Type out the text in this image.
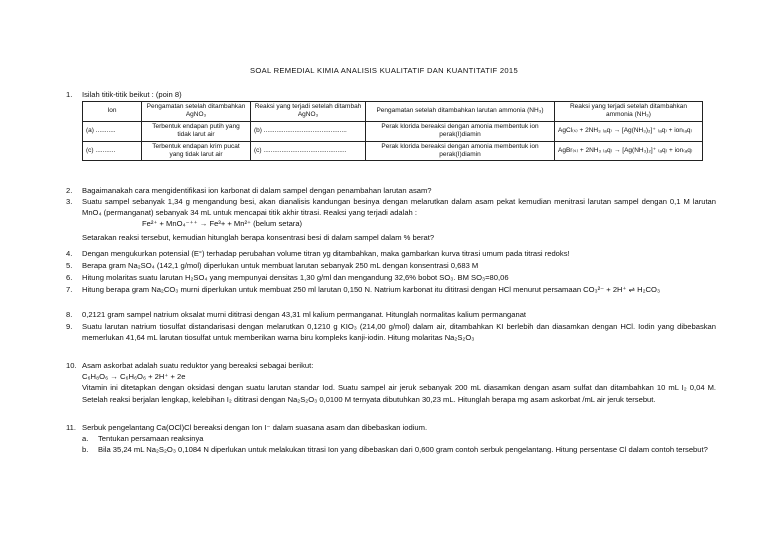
SOAL REMEDIAL KIMIA ANALISIS KUALITATIF DAN KUANTITATIF 2015
1.	Isilah titik-titik beikut : (poin 8)
Ion	Pengamatan setelah ditambahkan AgNO₃	Reaksi yang terjadi setelah ditambah AgNO₃	Pengamatan setelah ditambahkan larutan ammonia (NH₃)	Reaksi yang terjadi setelah ditambahkan ammonia (NH₃)
(a) ...........	Terbentuk endapan putih yang tidak larut air	(b) ..............................................	Perak klorida bereaksi dengan amonia membentuk ion perak(I)diamin	AgCl₍ₛ₎ + 2NH₃ ₍ₐq₎ → [Ag(NH₃)₂]⁺ ₍ₐq₎ + ion₍ₐq₎
(c) ...........	Terbentuk endapan krim pucat yang tidak larut air	(c) ..............................................	Perak klorida bereaksi dengan amonia membentuk ion perak(I)diamin	AgBr₍ₛ₎ + 2NH₃ ₍ₐq₎ → [Ag(NH₃)₂]⁺ ₍ₐq₎ + ion₍ₐq₎
2.	Bagaimanakah cara mengidentifikasi ion karbonat di dalam sampel dengan penambahan larutan asam?
3.	Suatu sampel sebanyak 1,34 g mengandung besi, akan dianalisis kandungan besinya dengan melarutkan dalam asam pekat kemudian menitrasi larutan sampel dengan 0,1 M larutan MnO₄ (permanganat) sebanyak 34 mL untuk mencapai titik akhir titrasi. Reaksi yang terjadi adalah :
Fe²⁺ + MnO₄⁻⁺⁺ → Fe³+ + Mn²⁺ (belum setara)
Setarakan reaksi tersebut, kemudian hitunglah berapa konsentrasi besi di dalam sampel dalam % berat?
4.	Dengan mengukurkan potensial (E°) terhadap perubahan volume titran yg ditambahkan, maka gambarkan kurva titrasi umum pada titrasi redoks!
5.	Berapa gram Na₂SO₄ (142,1 g/mol) diperlukan untuk membuat larutan sebanyak 250 mL dengan konsentrasi 0,683 M
6.	Hitung molaritas suatu larutan H₂SO₄ yang mempunyai densitas 1,30 g/ml dan mengandung 32,6% bobot SO₃. BM SO₃=80,06
7.	Hitung berapa gram Na₂CO₃ murni diperlukan untuk membuat 250 ml larutan 0,150 N. Natrium karbonat itu dititrasi dengan HCl menurut persamaan CO₃²⁻ + 2H⁺ ⇌ H₂CO₃
8.	0,2121 gram sampel natrium oksalat murni dititrasi dengan 43,31 ml kalium permanganat. Hitunglah normalitas kalium permanganat
9.	Suatu larutan natrium tiosulfat distandarisasi dengan melarutkan 0,1210 g KIO₃ (214,00 g/mol) dalam air, ditambahkan KI berlebih dan diasamkan dengan HCl. Iodin yang dibebaskan memerlukan 41,64 mL larutan tiosulfat untuk memberikan warna biru kompleks kanji-iodin. Hitung molaritas Na₂S₂O₃
10. Asam askorbat adalah suatu reduktor yang bereaksi sebagai berikut:
C₆H₈O₆ → C₆H₆O₆ + 2H⁺ + 2e
Vitamin ini ditetapkan dengan oksidasi dengan suatu larutan standar Iod. Suatu sampel air jeruk sebanyak 200 mL diasamkan dengan asam sulfat dan ditambahkan 10 mL I₂ 0,04 M. Setelah reaksi berjalan lengkap, kelebihan I₂ dititrasi dengan Na₂S₂O₃ 0,0100 M ternyata dibutuhkan 30,23 mL. Hitunglah berapa mg asam askorbat /mL air jeruk tersebut.
11. Serbuk pengelantang Ca(OCl)Cl bereaksi dengan Ion I⁻ dalam suasana asam dan dibebaskan iodium.
a. Tentukan persamaan reaksinya
b. Bila 35,24 mL Na₂S₂O₃ 0,1084 N diperlukan untuk melakukan titrasi Ion yang dibebaskan dari 0,600 gram contoh serbuk pengelantang. Hitung persentase Cl dalam contoh tersebut?
